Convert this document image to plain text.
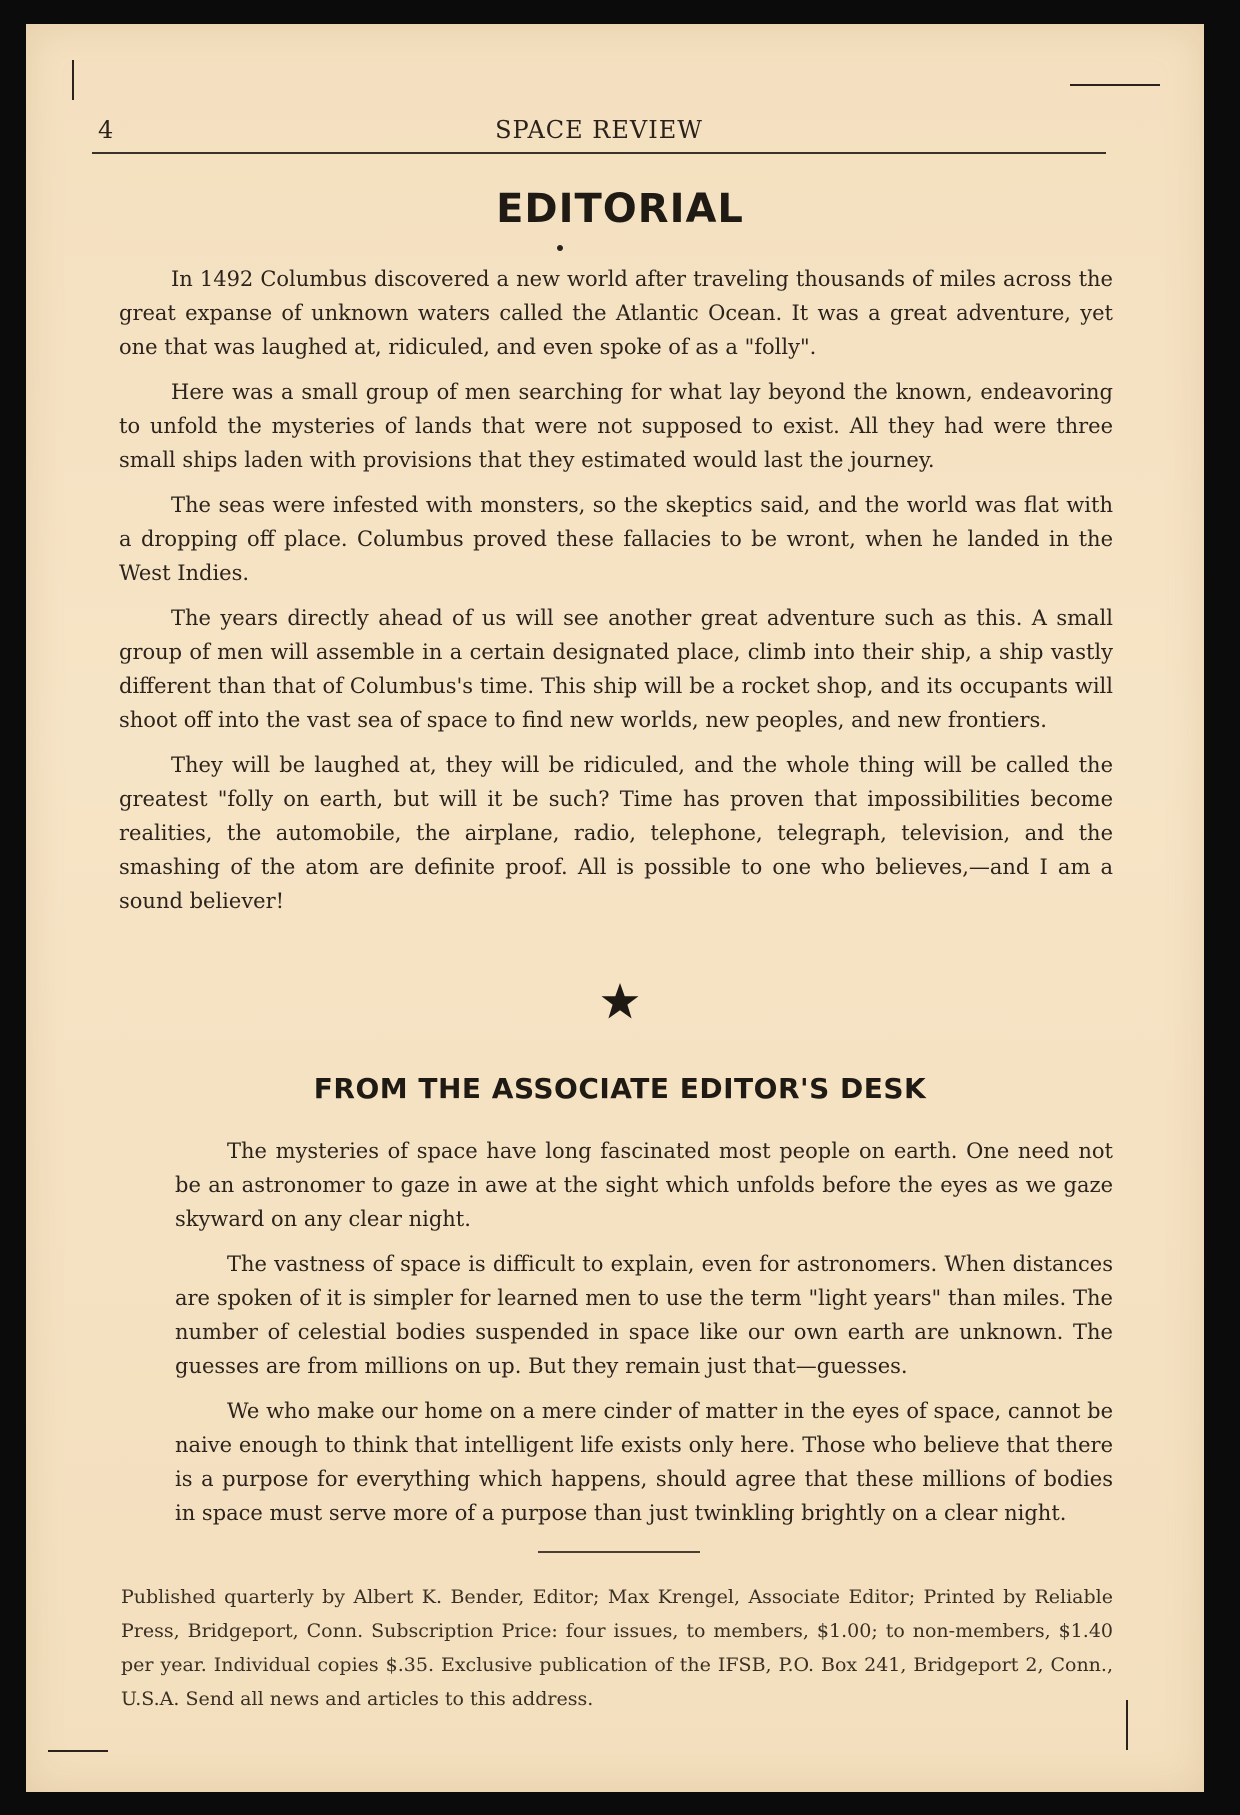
4	SPACE REVIEW
EDITORIAL

In 1492 Columbus discovered a new world after traveling thousands of miles across the great expanse of unknown waters called the Atlantic Ocean. It was a great adventure, yet one that was laughed at, ridiculed, and even spoke of as a "folly".

Here was a small group of men searching for what lay beyond the known, endeavoring to unfold the mysteries of lands that were not supposed to exist. All they had were three small ships laden with provisions that they estimated would last the journey.

The seas were infested with monsters, so the skeptics said, and the world was flat with a dropping off place. Columbus proved these fallacies to be wront, when he landed in the West Indies.

The years directly ahead of us will see another great adventure such as this. A small group of men will assemble in a certain designated place, climb into their ship, a ship vastly different than that of Columbus's time. This ship will be a rocket shop, and its occupants will shoot off into the vast sea of space to find new worlds, new peoples, and new frontiers.

They will be laughed at, they will be ridiculed, and the whole thing will be called the greatest "folly on earth, but will it be such? Time has proven that impossibilities become realities, the automobile, the airplane, radio, telephone, telegraph, television, and the smashing of the atom are definite proof. All is possible to one who believes,—and I am a sound believer!

FROM THE ASSOCIATE EDITOR'S DESK

The mysteries of space have long fascinated most people on earth. One need not be an astronomer to gaze in awe at the sight which unfolds before the eyes as we gaze skyward on any clear night.

The vastness of space is difficult to explain, even for astronomers. When distances are spoken of it is simpler for learned men to use the term "light years" than miles. The number of celestial bodies suspended in space like our own earth are unknown. The guesses are from millions on up. But they remain just that—guesses.

We who make our home on a mere cinder of matter in the eyes of space, cannot be naive enough to think that intelligent life exists only here. Those who believe that there is a purpose for everything which happens, should agree that these millions of bodies in space must serve more of a purpose than just twinkling brightly on a clear night.

Published quarterly by Albert K. Bender, Editor; Max Krengel, Associate Editor; Printed by Reliable Press, Bridgeport, Conn. Subscription Price: four issues, to members, $1.00; to non-members, $1.40 per year. Individual copies $.35. Exclusive publication of the IFSB, P.O. Box 241, Bridgeport 2, Conn., U.S.A. Send all news and articles to this address.
